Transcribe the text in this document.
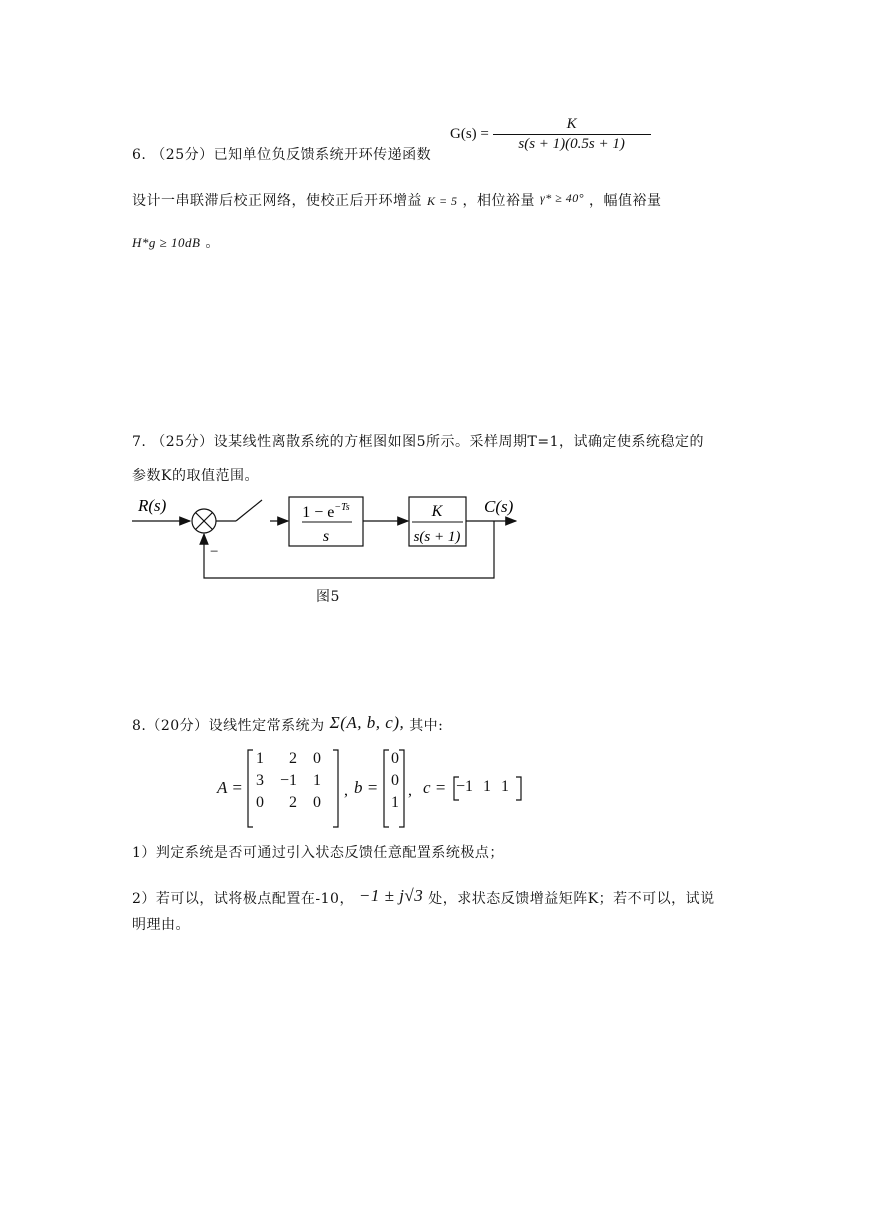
$G(s) = \frac{K}{s(s + 1)(0.5s + 1)}$
6. （25分）已知单位负反馈系统开环传递函数
设计一串联滞后校正网络，使校正后开环增益 K = 5 ，相位裕量 γ* ≥ 40° ，幅值裕量
H*g ≥ 10dB 。
7. （25分）设某线性离散系统的方框图如图5所示。采样周期T=1，试确定使系统稳定的
参数K的取值范围。
R(s)
−
$1 - e^{-Ts}$
s
K
s(s + 1)
C(s)
图5
8.（20分）设线性定常系统为 Σ(A, b, c), 其中:
A =
1	2	0
3	−1	1
0	2	0
, b =
0
0
1
, c = −1	1	1
1）判定系统是否可通过引入状态反馈任意配置系统极点；
2）若可以，试将极点配置在-10， −1 ± j√3 处，求状态反馈增益矩阵K；若不可以，试说
明理由。
